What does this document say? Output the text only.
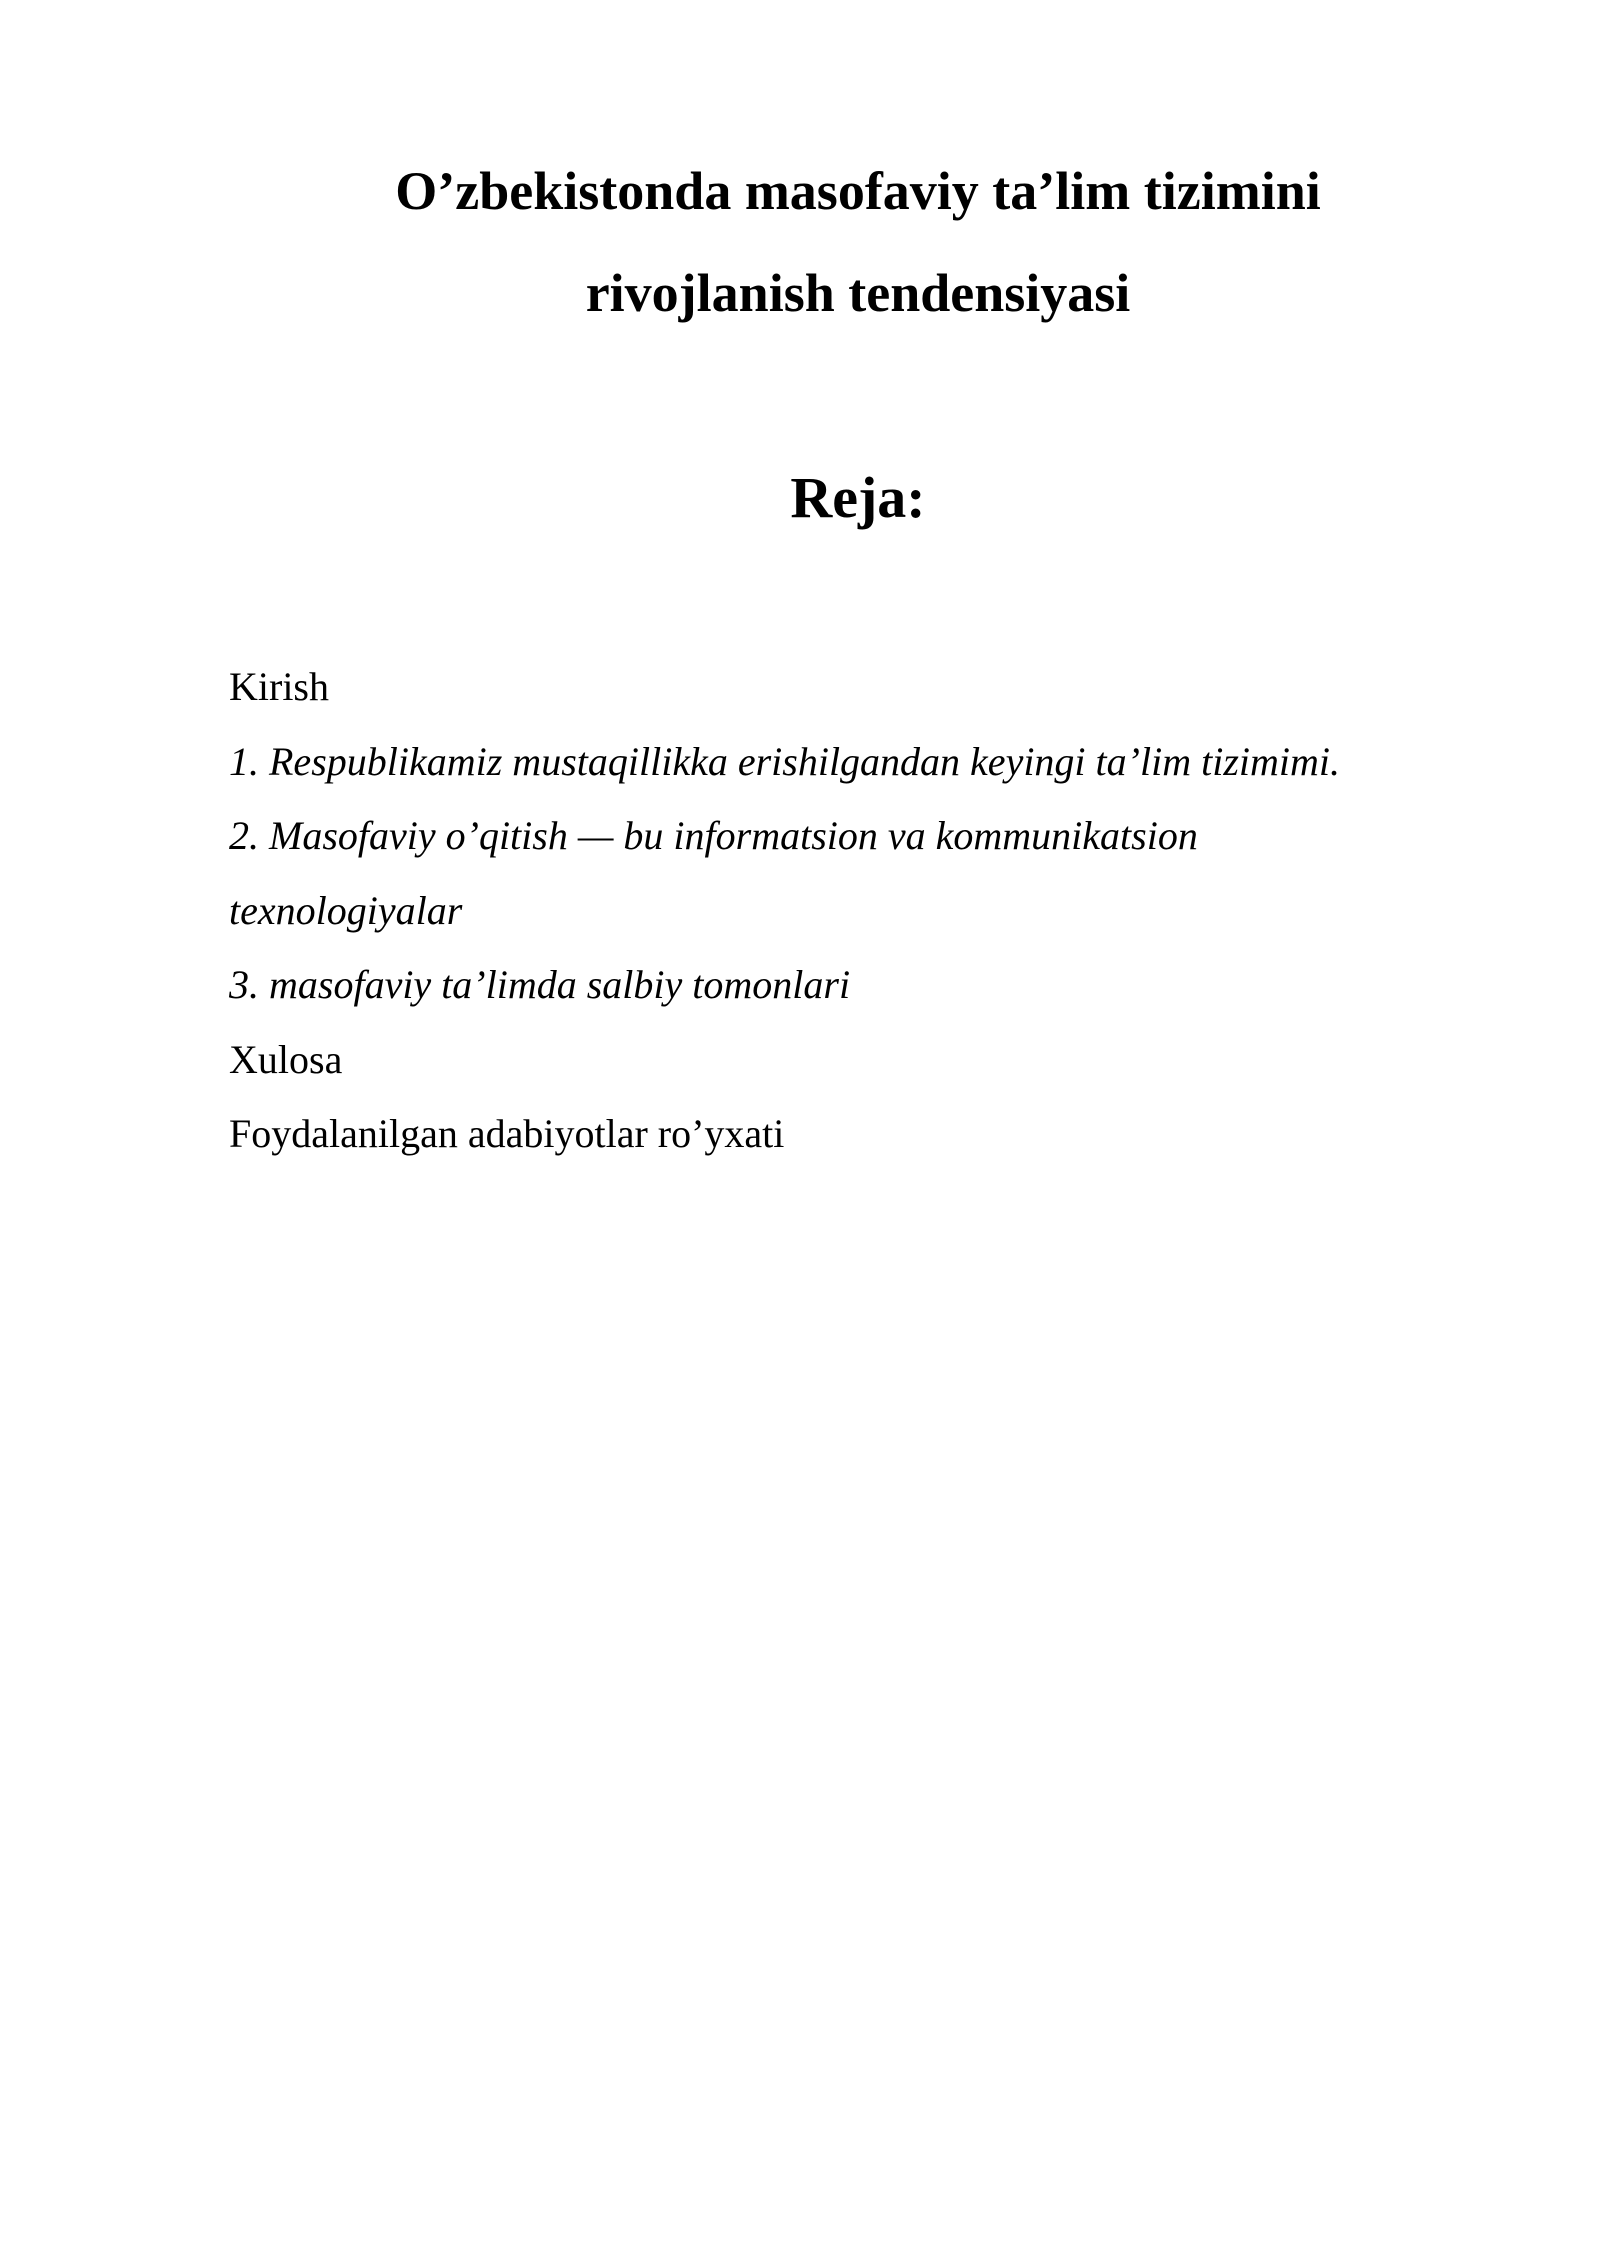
O’zbekistonda masofaviy ta’lim tizimini
rivojlanish tendensiyasi
Reja:
Kirish
1. Respublikamiz mustaqillikka erishilgandan keyingi ta’lim tizimimi.
2. Masofaviy o’qitish — bu informatsion va kommunikatsion texnologiyalar
3. masofaviy ta’limda salbiy tomonlari
Xulosa
Foydalanilgan adabiyotlar ro’yxati
